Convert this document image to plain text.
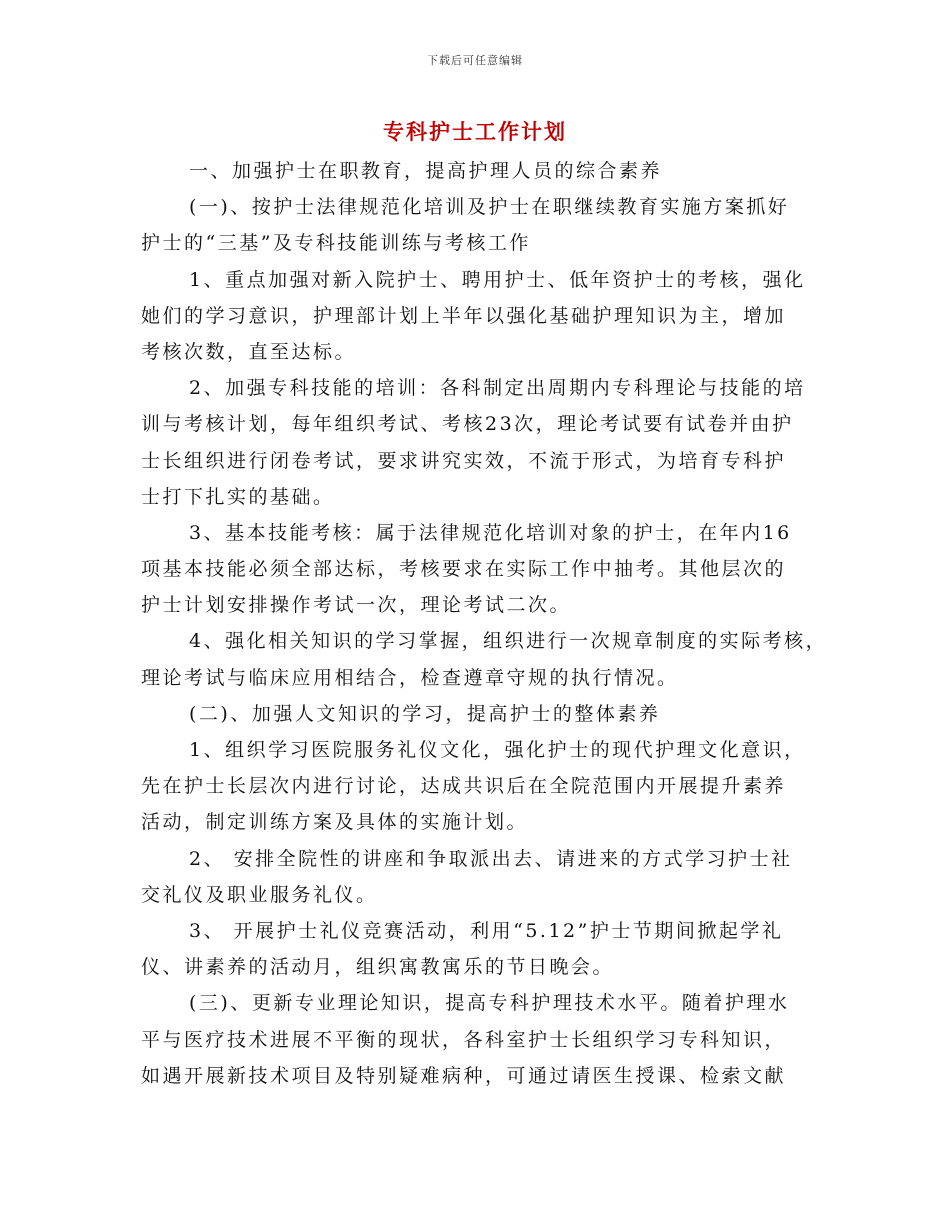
下载后可任意编辑
专科护士工作计划
一、加强护士在职教育，提高护理人员的综合素养
(一)、按护士法律规范化培训及护士在职继续教育实施方案抓好
护士的“三基”及专科技能训练与考核工作
1、重点加强对新入院护士、聘用护士、低年资护士的考核，强化
她们的学习意识，护理部计划上半年以强化基础护理知识为主，增加
考核次数，直至达标。
2、加强专科技能的培训：各科制定出周期内专科理论与技能的培
训与考核计划，每年组织考试、考核23次，理论考试要有试卷并由护
士长组织进行闭卷考试，要求讲究实效，不流于形式，为培育专科护
士打下扎实的基础。
3、基本技能考核：属于法律规范化培训对象的护士，在年内16
项基本技能必须全部达标，考核要求在实际工作中抽考。其他层次的
护士计划安排操作考试一次，理论考试二次。
4、强化相关知识的学习掌握，组织进行一次规章制度的实际考核，
理论考试与临床应用相结合，检查遵章守规的执行情况。
(二)、加强人文知识的学习，提高护士的整体素养
1、组织学习医院服务礼仪文化，强化护士的现代护理文化意识，
先在护士长层次内进行讨论，达成共识后在全院范围内开展提升素养
活动，制定训练方案及具体的实施计划。
2、 安排全院性的讲座和争取派出去、请进来的方式学习护士社
交礼仪及职业服务礼仪。
3、 开展护士礼仪竞赛活动，利用“5.12”护士节期间掀起学礼
仪、讲素养的活动月，组织寓教寓乐的节日晚会。
(三)、更新专业理论知识，提高专科护理技术水平。随着护理水
平与医疗技术进展不平衡的现状，各科室护士长组织学习专科知识，
如遇开展新技术项目及特别疑难病种，可通过请医生授课、检索文献
